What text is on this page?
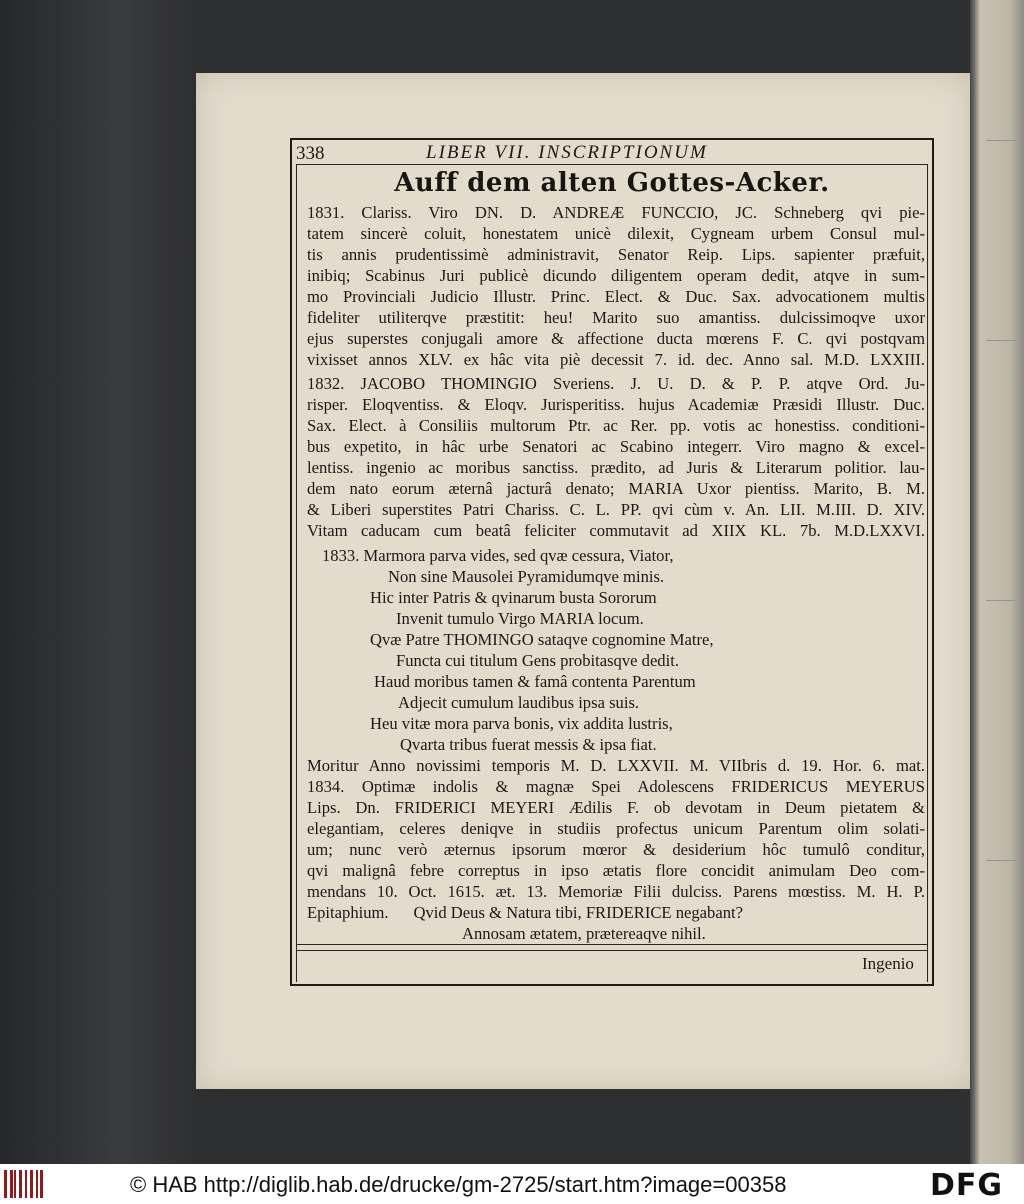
338	LIBER VII. INSCRIPTIONUM
Auff dem alten Gottes-Acker.
1831. Clariss. Viro DN. D. ANDREÆ FUNCCIO, JC. Schneberg qvi pie-
tatem sincerè coluit, honestatem unicè dilexit, Cygneam urbem Consul mul-
tis annis prudentissimè administravit, Senator Reip. Lips. sapienter præfuit,
inibiq; Scabinus Juri publicè dicundo diligentem operam dedit, atqve in sum-
mo Provinciali Judicio Illustr. Princ. Elect. & Duc. Sax. advocationem multis
fideliter utiliterqve præstitit: heu! Marito suo amantiss. dulcissimoqve uxor
ejus superstes conjugali amore & affectione ducta mœrens F. C. qvi postqvam
vixisset annos XLV. ex hâc vita piè decessit 7. id. dec. Anno sal. M.D. LXXIII.
1832. JACOBO THOMINGIO Sveriens. J. U. D. & P. P. atqve Ord. Ju-
risper. Eloqventiss. & Eloqv. Jurisperitiss. hujus Academiæ Præsidi Illustr. Duc.
Sax. Elect. à Consiliis multorum Ptr. ac Rer. pp. votis ac honestiss. conditioni-
bus expetito, in hâc urbe Senatori ac Scabino integerr. Viro magno & excel-
lentiss. ingenio ac moribus sanctiss. prædito, ad Juris & Literarum politior. lau-
dem nato eorum æternâ jacturâ denato; MARIA Uxor pientiss. Marito, B. M.
& Liberi superstites Patri Chariss. C. L. PP. qvi cùm v. An. LII. M.III. D. XIV.
Vitam caducam cum beatâ feliciter commutavit ad XIIX KL. 7b. M.D.LXXVI.
1833. Marmora parva vides, sed qvæ cessura, Viator,
Non sine Mausolei Pyramidumqve minis.
Hic inter Patris & qvinarum busta Sororum
Invenit tumulo Virgo MARIA locum.
Qvæ Patre THOMINGO sataqve cognomine Matre,
Functa cui titulum Gens probitasqve dedit.
Haud moribus tamen & famâ contenta Parentum
Adjecit cumulum laudibus ipsa suis.
Heu vitæ mora parva bonis, vix addita lustris,
Qvarta tribus fuerat messis & ipsa fiat.
Moritur Anno novissimi temporis M. D. LXXVII. M. VIIbris d. 19. Hor. 6. mat.
1834. Optimæ indolis & magnæ Spei Adolescens FRIDERICUS MEYERUS
Lips. Dn. FRIDERICI MEYERI Ædilis F. ob devotam in Deum pietatem &
elegantiam, celeres deniqve in studiis profectus unicum Parentum olim solati-
um; nunc verò æternus ipsorum mœror & desiderium hôc tumulô conditur,
qvi malignâ febre correptus in ipso ætatis flore concidit animulam Deo com-
mendans 10. Oct. 1615. æt. 13. Memoriæ Filii dulciss. Parens mœstiss. M. H. P.
Epitaphium.      Qvid Deus & Natura tibi, FRIDERICE negabant?
Annosam ætatem, prætereaqve nihil.
Ingenio
© HAB http://diglib.hab.de/drucke/gm-2725/start.htm?image=00358	DFG
